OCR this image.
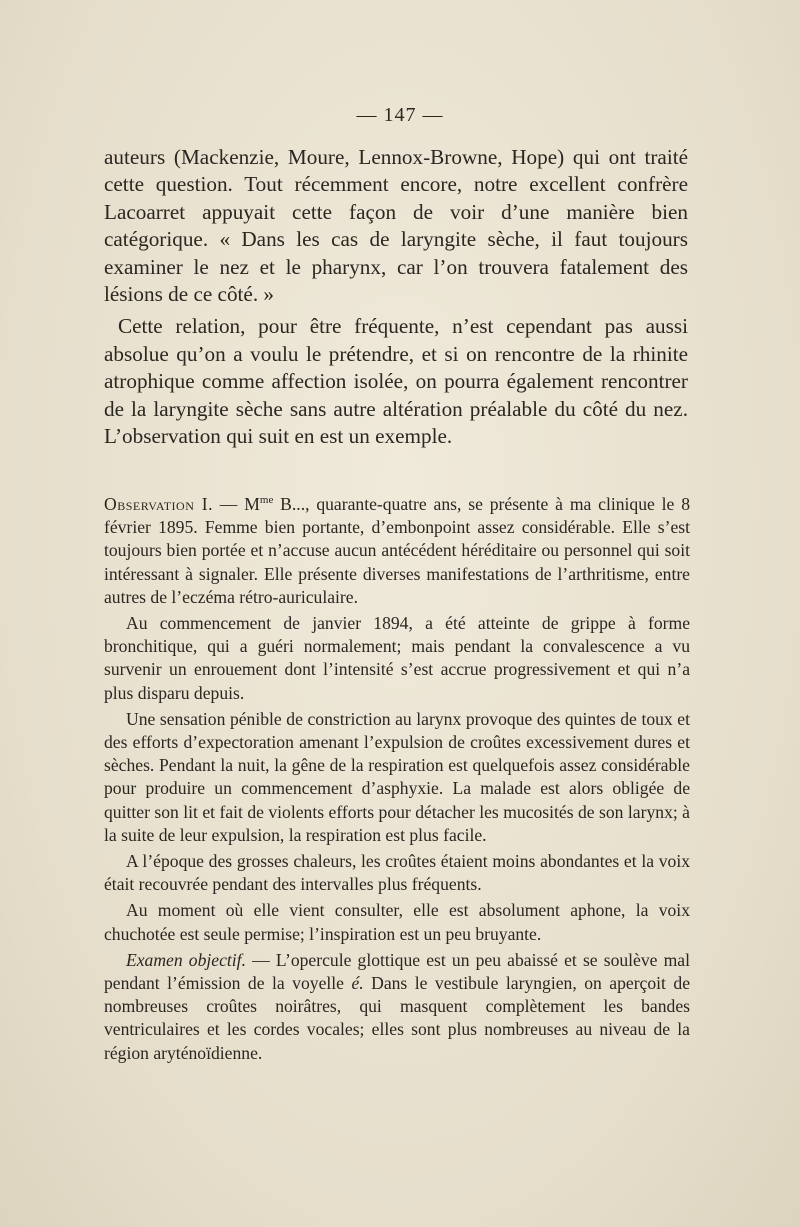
— 147 —

auteurs (Mackenzie, Moure, Lennox-Browne, Hope) qui ont traité cette question. Tout récemment encore, notre excellent confrère Lacoarret appuyait cette façon de voir d’une manière bien catégorique. « Dans les cas de laryngite sèche, il faut toujours examiner le nez et le pharynx, car l’on trouvera fatalement des lésions de ce côté. »

Cette relation, pour être fréquente, n’est cependant pas aussi absolue qu’on a voulu le prétendre, et si on rencontre de la rhinite atrophique comme affection isolée, on pourra également rencontrer de la laryngite sèche sans autre altération préalable du côté du nez. L’observation qui suit en est un exemple.

Observation I. — $M^{me}$ B..., quarante-quatre ans, se présente à ma clinique le 8 février 1895. Femme bien portante, d’embonpoint assez considérable. Elle s’est toujours bien portée et n’accuse aucun antécédent héréditaire ou personnel qui soit intéressant à signaler. Elle présente diverses manifestations de l’arthritisme, entre autres de l’eczéma rétro-auriculaire.

Au commencement de janvier 1894, a été atteinte de grippe à forme bronchitique, qui a guéri normalement; mais pendant la convalescence a vu survenir un enrouement dont l’intensité s’est accrue progressivement et qui n’a plus disparu depuis.

Une sensation pénible de constriction au larynx provoque des quintes de toux et des efforts d’expectoration amenant l’expulsion de croûtes excessivement dures et sèches. Pendant la nuit, la gêne de la respiration est quelquefois assez considérable pour produire un commencement d’asphyxie. La malade est alors obligée de quitter son lit et fait de violents efforts pour détacher les mucosités de son larynx; à la suite de leur expulsion, la respiration est plus facile.

A l’époque des grosses chaleurs, les croûtes étaient moins abondantes et la voix était recouvrée pendant des intervalles plus fréquents.

Au moment où elle vient consulter, elle est absolument aphone, la voix chuchotée est seule permise; l’inspiration est un peu bruyante.

Examen objectif. — L’opercule glottique est un peu abaissé et se soulève mal pendant l’émission de la voyelle é. Dans le vestibule laryngien, on aperçoit de nombreuses croûtes noirâtres, qui masquent complètement les bandes ventriculaires et les cordes vocales; elles sont plus nombreuses au niveau de la région aryténoïdienne.
